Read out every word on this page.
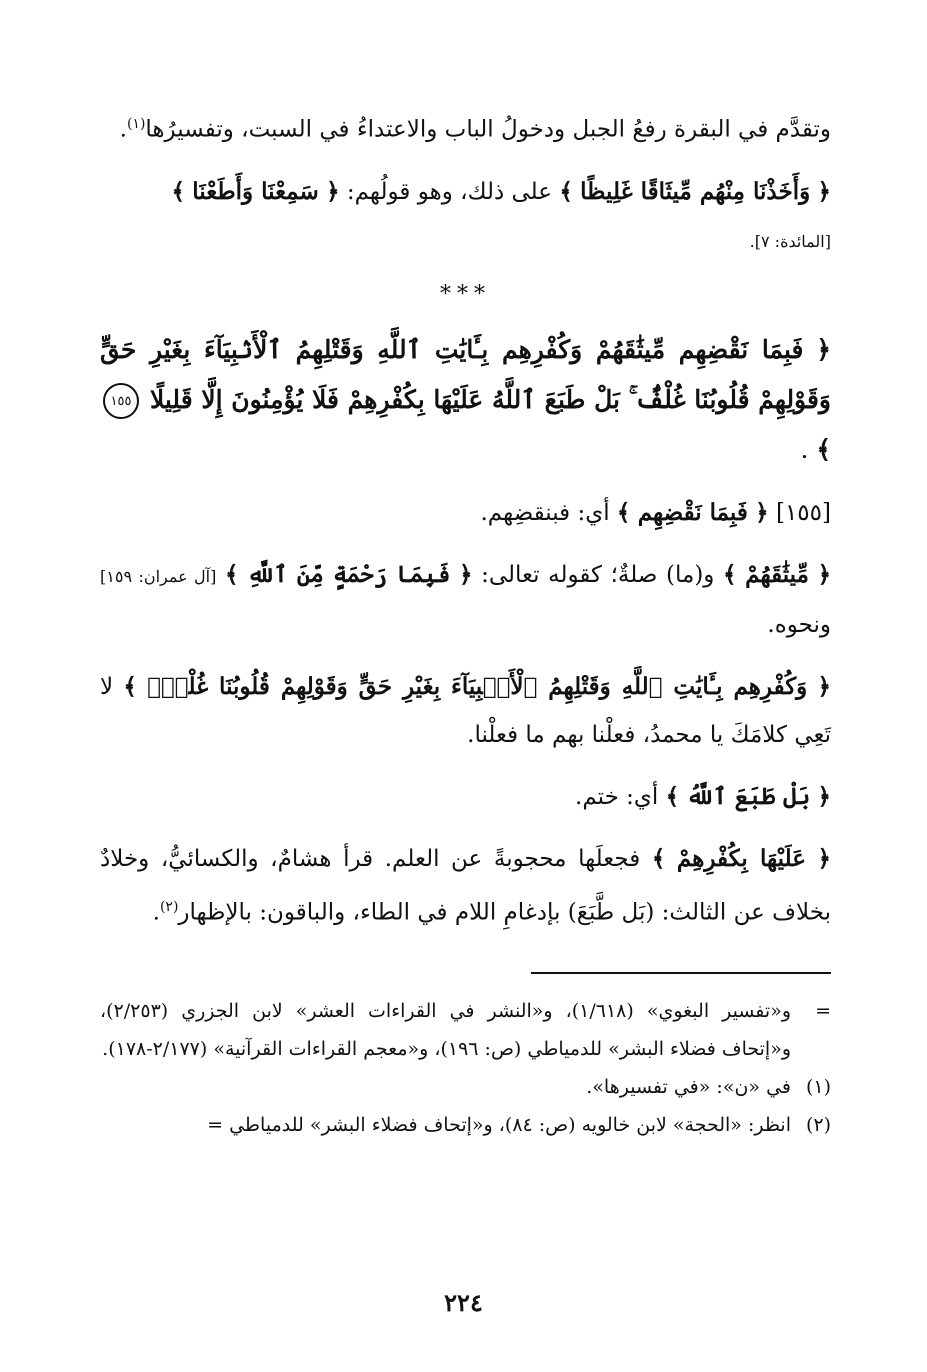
وتقدَّم في البقرة رفعُ الجبل ودخولُ الباب والاعتداءُ في السبت، وتفسيرُها$^{(١)}$.

﴿ وَأَخَذْنَا مِنْهُم مِّيثَاقًا غَلِيظًا ﴾ على ذلك، وهو قولُهم: ﴿ سَمِعْنَا وَأَطَعْنَا ﴾
[المائدة: ٧].

***

﴿ فَبِمَا نَقْضِهِم مِّيثَٰقَهُمْ وَكُفْرِهِم بِـَٔايَٰتِ ٱللَّهِ وَقَتْلِهِمُ ٱلْأَنۢبِيَآءَ بِغَيْرِ حَقٍّ وَقَوْلِهِمْ قُلُوبُنَا غُلْفٌۢ ۚ بَلْ طَبَعَ ٱللَّهُ عَلَيْهَا بِكُفْرِهِمْ فَلَا يُؤْمِنُونَ إِلَّا قَلِيلًا ١٥٥ ﴾ .

[١٥٥] ﴿ فَبِمَا نَقْضِهِم ﴾ أي: فبنقضِهم.

﴿ مِّيثَٰقَهُمْ ﴾ و(ما) صلةٌ؛ كقوله تعالى: ﴿ فَبِمَا رَحْمَةٍ مِّنَ ٱللَّهِ ﴾ [آل عمران: ١٥٩] ونحوه.

﴿ وَكُفْرِهِم بِـَٔايَٰتِ ٱللَّهِ وَقَتْلِهِمُ ٱلْأَنۢبِيَآءَ بِغَيْرِ حَقٍّ وَقَوْلِهِمْ قُلُوبُنَا غُلْفٌۢ ﴾ لا تَعِي كلامَكَ يا محمدُ، فعلْنا بهم ما فعلْنا.

﴿ بَلْ طَبَعَ ٱللَّهُ ﴾ أي: ختم.

﴿ عَلَيْهَا بِكُفْرِهِمْ ﴾ فجعلَها محجوبةً عن العلم. قرأ هشامٌ، والكسائيُّ، وخلادٌ بخلاف عن الثالث: (بَل طَّبَعَ) بإدغامِ اللام في الطاء، والباقون: بالإظهار$^{(٢)}$.

=
و«تفسير البغوي» (١/٦١٨)، و«النشر في القراءات العشر» لابن الجزري (٢/٢٥٣)، و«إتحاف فضلاء البشر» للدمياطي (ص: ١٩٦)، و«معجم القراءات القرآنية» (٢/١٧٧-١٧٨).
(١)
في «ن»: «في تفسيرها».
(٢)
انظر: «الحجة» لابن خالويه (ص: ٨٤)، و«إتحاف فضلاء البشر» للدمياطي =
٢٢٤
